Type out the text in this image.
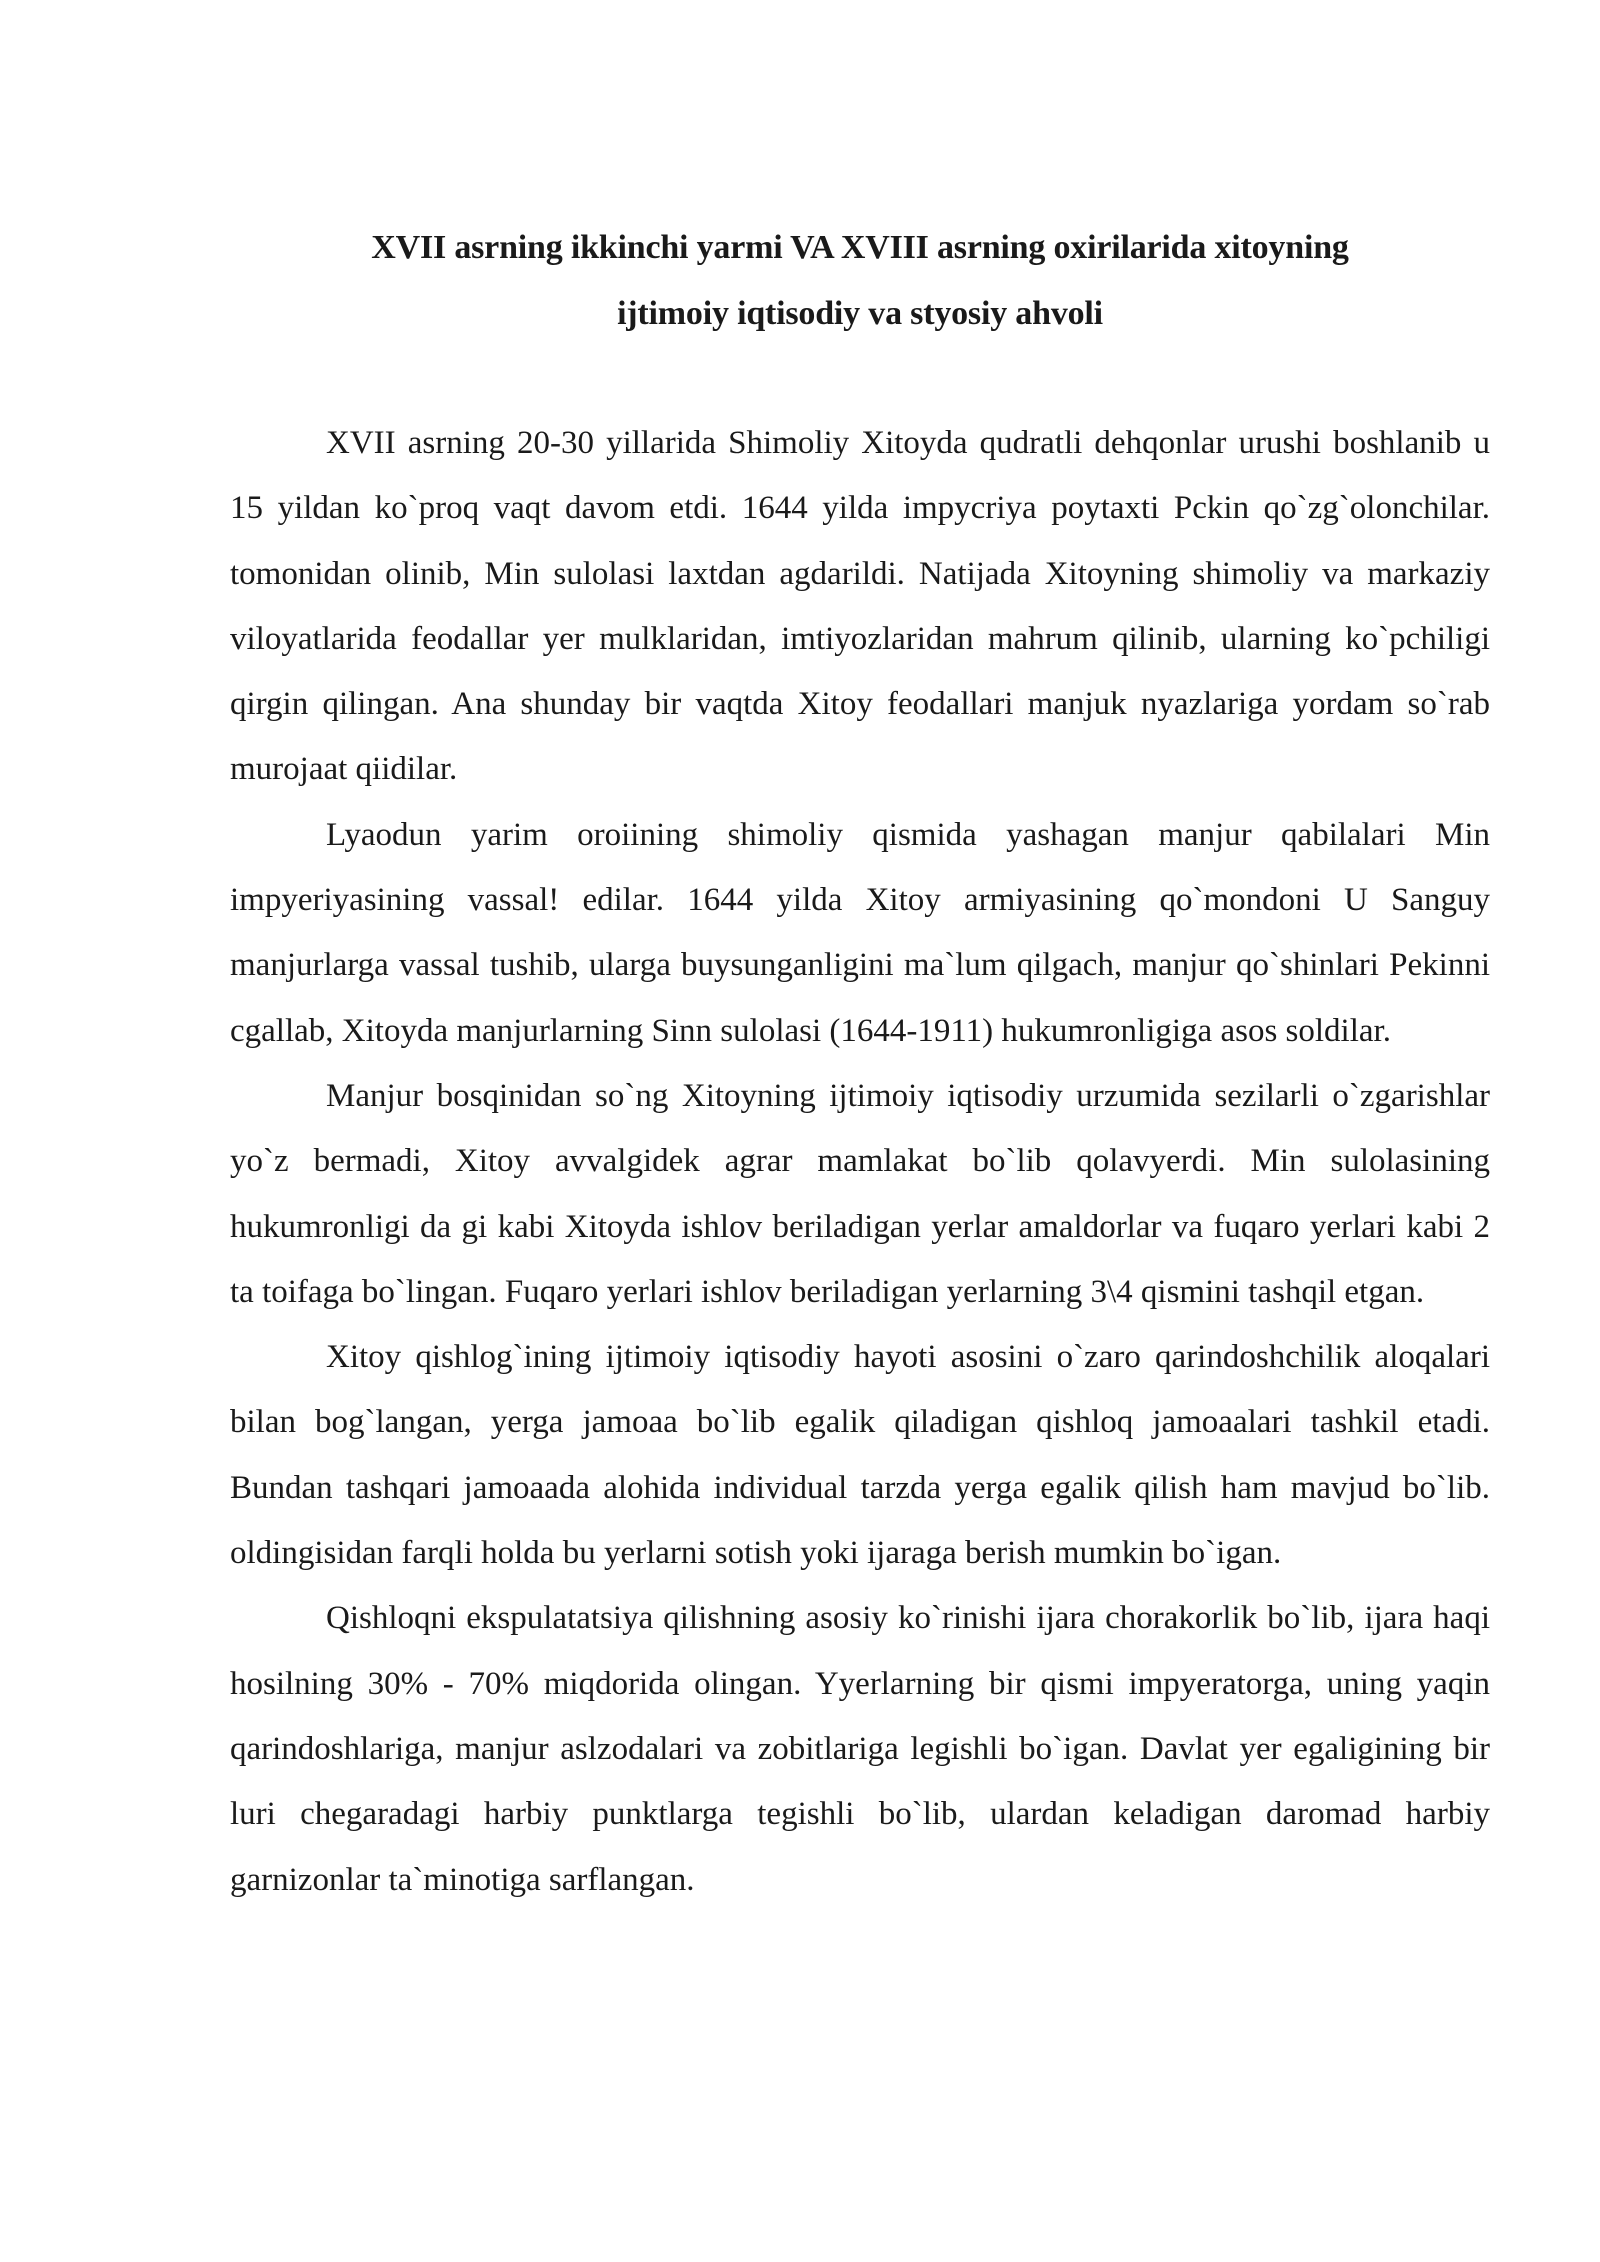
XVII asrning ikkinchi yarmi VA XVIII asrning oxirilarida xitoyning
ijtimoiy iqtisodiy va styosiy ahvoli

XVII asrning 20-30 yillarida Shimoliy Xitoyda qudratli dehqonlar urushi boshlanib u 15 yildan ko`proq vaqt davom etdi. 1644 yilda impycriya poytaxti Pckin qo`zg`olonchilar. tomonidan olinib, Min sulolasi laxtdan agdarildi. Natijada Xitoyning shimoliy va markaziy viloyatlarida feodallar yer mulklaridan, imtiyozlaridan mahrum qilinib, ularning ko`pchiligi qirgin qilingan. Ana shunday bir vaqtda Xitoy feodallari manjuk nyazlariga yordam so`rab murojaat qiidilar.

Lyaodun yarim oroiining shimoliy qismida yashagan manjur qabilalari Min impyeriyasining vassal! edilar. 1644 yilda Xitoy armiyasining qo`mondoni U Sanguy manjurlarga vassal tushib, ularga buysunganligini ma`lum qilgach, manjur qo`shinlari Pekinni cgallab, Xitoyda manjurlarning Sinn sulolasi (1644-1911) hukumronligiga asos soldilar.

Manjur bosqinidan so`ng Xitoyning ijtimoiy iqtisodiy urzumida sezilarli o`zgarishlar yo`z bermadi, Xitoy avvalgidek agrar mamlakat bo`lib qolavyerdi. Min sulolasining hukumronligi da gi kabi Xitoyda ishlov beriladigan yerlar amaldorlar va fuqaro yerlari kabi 2 ta toifaga bo`lingan. Fuqaro yerlari ishlov beriladigan yerlarning 3\4 qismini tashqil etgan.

Xitoy qishlog`ining ijtimoiy iqtisodiy hayoti asosini o`zaro qarindoshchilik aloqalari bilan bog`langan, yerga jamoaa bo`lib egalik qiladigan qishloq jamoaalari tashkil etadi. Bundan tashqari jamoaada alohida individual tarzda yerga egalik qilish ham mavjud bo`lib. oldingisidan farqli holda bu yerlarni sotish yoki ijaraga berish mumkin bo`igan.

Qishloqni ekspulatatsiya qilishning asosiy ko`rinishi ijara chorakorlik bo`lib, ijara haqi hosilning 30% - 70% miqdorida olingan. Yyerlarning bir qismi impyeratorga, uning yaqin qarindoshlariga, manjur aslzodalari va zobitlariga legishli bo`igan. Davlat yer egaligining bir luri chegaradagi harbiy punktlarga tegishli bo`lib, ulardan keladigan daromad harbiy garnizonlar ta`minotiga sarflangan.
